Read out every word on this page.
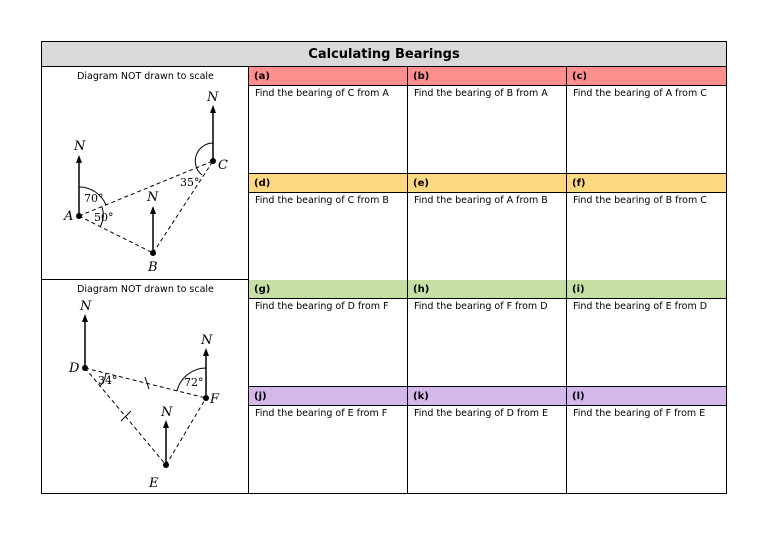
Calculating Bearings
Diagram NOT drawn to scale
N
N
N
A
B
C
70°
50°
35°
Diagram NOT drawn to scale
N
N
N
D
F
E
34°	72°
(a)
Find the bearing of C from A
(b)
Find the bearing of B from A
(c)
Find the bearing of A from C
(d)
Find the bearing of C from B
(e)
Find the bearing of A from B
(f)
Find the bearing of B from C
(g)
Find the bearing of D from F
(h)
Find the bearing of F from D
(i)
Find the bearing of E from D
(j)
Find the bearing of E from F
(k)
Find the bearing of D from E
(l)
Find the bearing of F from E
